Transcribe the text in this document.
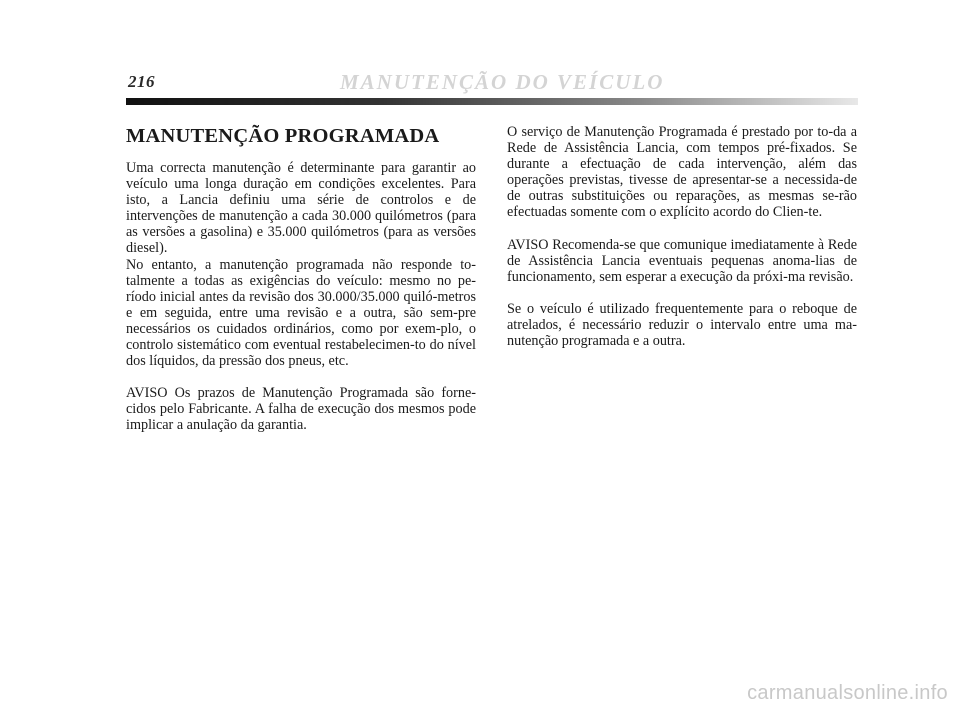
216	MANUTENÇÃO DO VEÍCULO
MANUTENÇÃO PROGRAMADA

Uma correcta manutenção é determinante para garantir ao veículo uma longa duração em condições excelentes. Para isto, a Lancia definiu uma série de controlos e de intervenções de manutenção a cada 30.000 quilómetros (para as versões a gasolina) e 35.000 quilómetros (para as versões diesel).

No entanto, a manutenção programada não responde to-talmente a todas as exigências do veículo: mesmo no pe-ríodo inicial antes da revisão dos 30.000/35.000 quiló-metros e em seguida, entre uma revisão e a outra, são sem-pre necessários os cuidados ordinários, como por exem-plo, o controlo sistemático com eventual restabelecimen-to do nível dos líquidos, da pressão dos pneus, etc.

AVISO Os prazos de Manutenção Programada são forne-cidos pelo Fabricante. A falha de execução dos mesmos pode implicar a anulação da garantia.

O serviço de Manutenção Programada é prestado por to-da a Rede de Assistência Lancia, com tempos pré-fixados. Se durante a efectuação de cada intervenção, além das operações previstas, tivesse de apresentar-se a necessida-de de outras substituições ou reparações, as mesmas se-rão efectuadas somente com o explícito acordo do Clien-te.

AVISO Recomenda-se que comunique imediatamente à Rede de Assistência Lancia eventuais pequenas anoma-lias de funcionamento, sem esperar a execução da próxi-ma revisão.

Se o veículo é utilizado frequentemente para o reboque de atrelados, é necessário reduzir o intervalo entre uma ma-nutenção programada e a outra.

carmanualsonline.info
